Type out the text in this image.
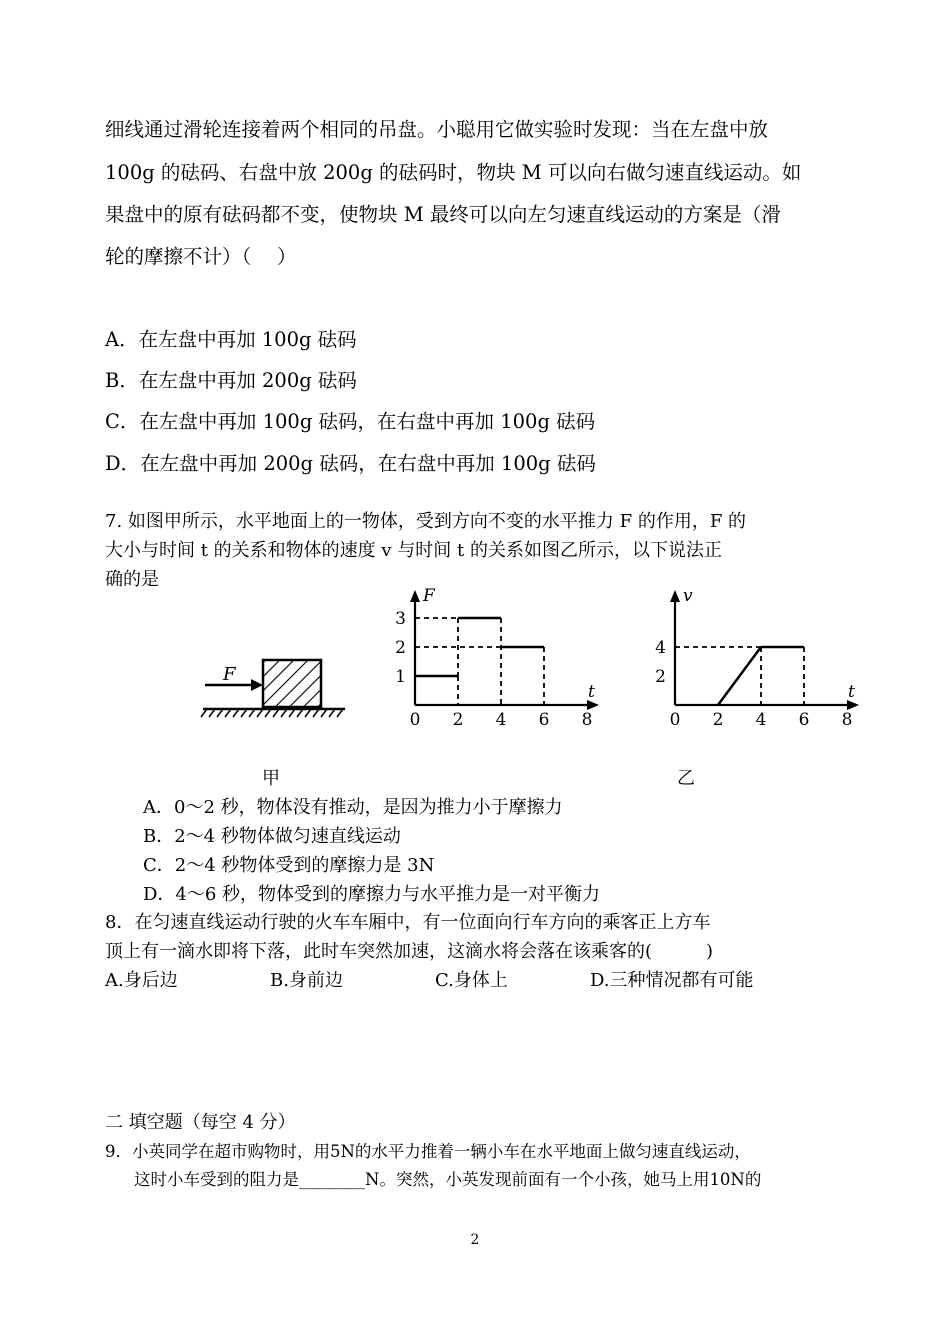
细线通过滑轮连接着两个相同的吊盘。小聪用它做实验时发现：当在左盘中放
100g 的砝码、右盘中放 200g 的砝码时，物块 M 可以向右做匀速直线运动。如
果盘中的原有砝码都不变，使物块 M 最终可以向左匀速直线运动的方案是（滑
轮的摩擦不计）（　 ）
A．在左盘中再加 100g 砝码
B．在左盘中再加 200g 砝码
C．在左盘中再加 100g 砝码，在右盘中再加 100g 砝码
D．在左盘中再加 200g 砝码，在右盘中再加 100g 砝码
7. 如图甲所示，水平地面上的一物体，受到方向不变的水平推力 F 的作用，F 的
大小与时间 t 的关系和物体的速度 v 与时间 t 的关系如图乙所示，以下说法正
确的是
F
t
F
0 2 4 6 8
1
2
3
t
v
0 2 4 6 8
2
4
甲	乙
A．0～2 秒，物体没有推动，是因为推力小于摩擦力
B．2～4 秒物体做匀速直线运动
C．2～4 秒物体受到的摩擦力是 3N
D．4～6 秒，物体受到的摩擦力与水平推力是一对平衡力
8．在匀速直线运动行驶的火车车厢中，有一位面向行车方向的乘客正上方车
顶上有一滴水即将下落，此时车突然加速，这滴水将会落在该乘客的(　　　)
A.身后边	B.身前边	C.身体上	D.三种情况都有可能
二 填空题（每空 4 分）
9．小英同学在超市购物时，用5N的水平力推着一辆小车在水平地面上做匀速直线运动，
这时小车受到的阻力是________N。突然，小英发现前面有一个小孩，她马上用10N的
2
